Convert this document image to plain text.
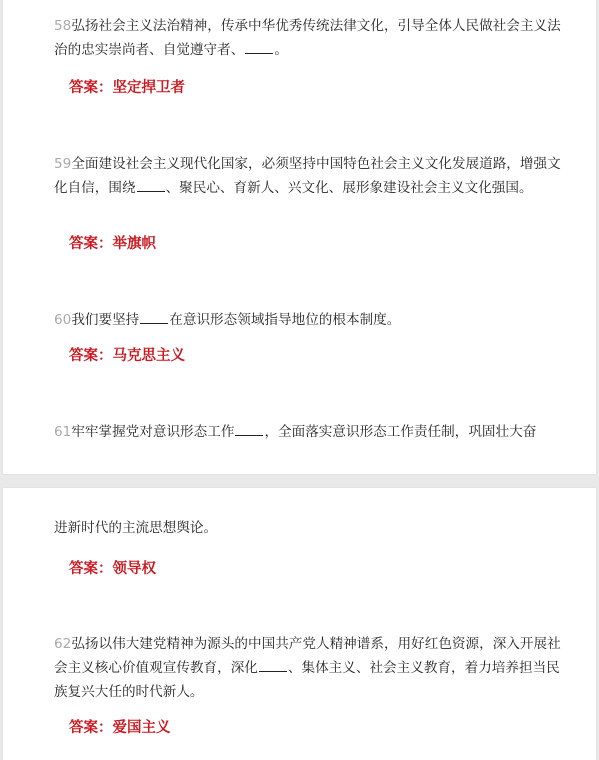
58弘扬社会主义法治精神，传承中华优秀传统法律文化，引导全体人民做社会主义法治的忠实崇尚者、自觉遵守者、 。

答案：坚定捍卫者

59全面建设社会主义现代化国家，必须坚持中国特色社会主义文化发展道路，增强文化自信，围绕 、聚民心、育新人、兴文化、展形象建设社会主义文化强国。

答案：举旗帜

60我们要坚持 在意识形态领域指导地位的根本制度。

答案：马克思主义

61牢牢掌握党对意识形态工作 ，全面落实意识形态工作责任制，巩固壮大奋

进新时代的主流思想舆论。

答案：领导权

62弘扬以伟大建党精神为源头的中国共产党人精神谱系，用好红色资源，深入开展社会主义核心价值观宣传教育，深化 、集体主义、社会主义教育，着力培养担当民族复兴大任的时代新人。

答案：爱国主义
